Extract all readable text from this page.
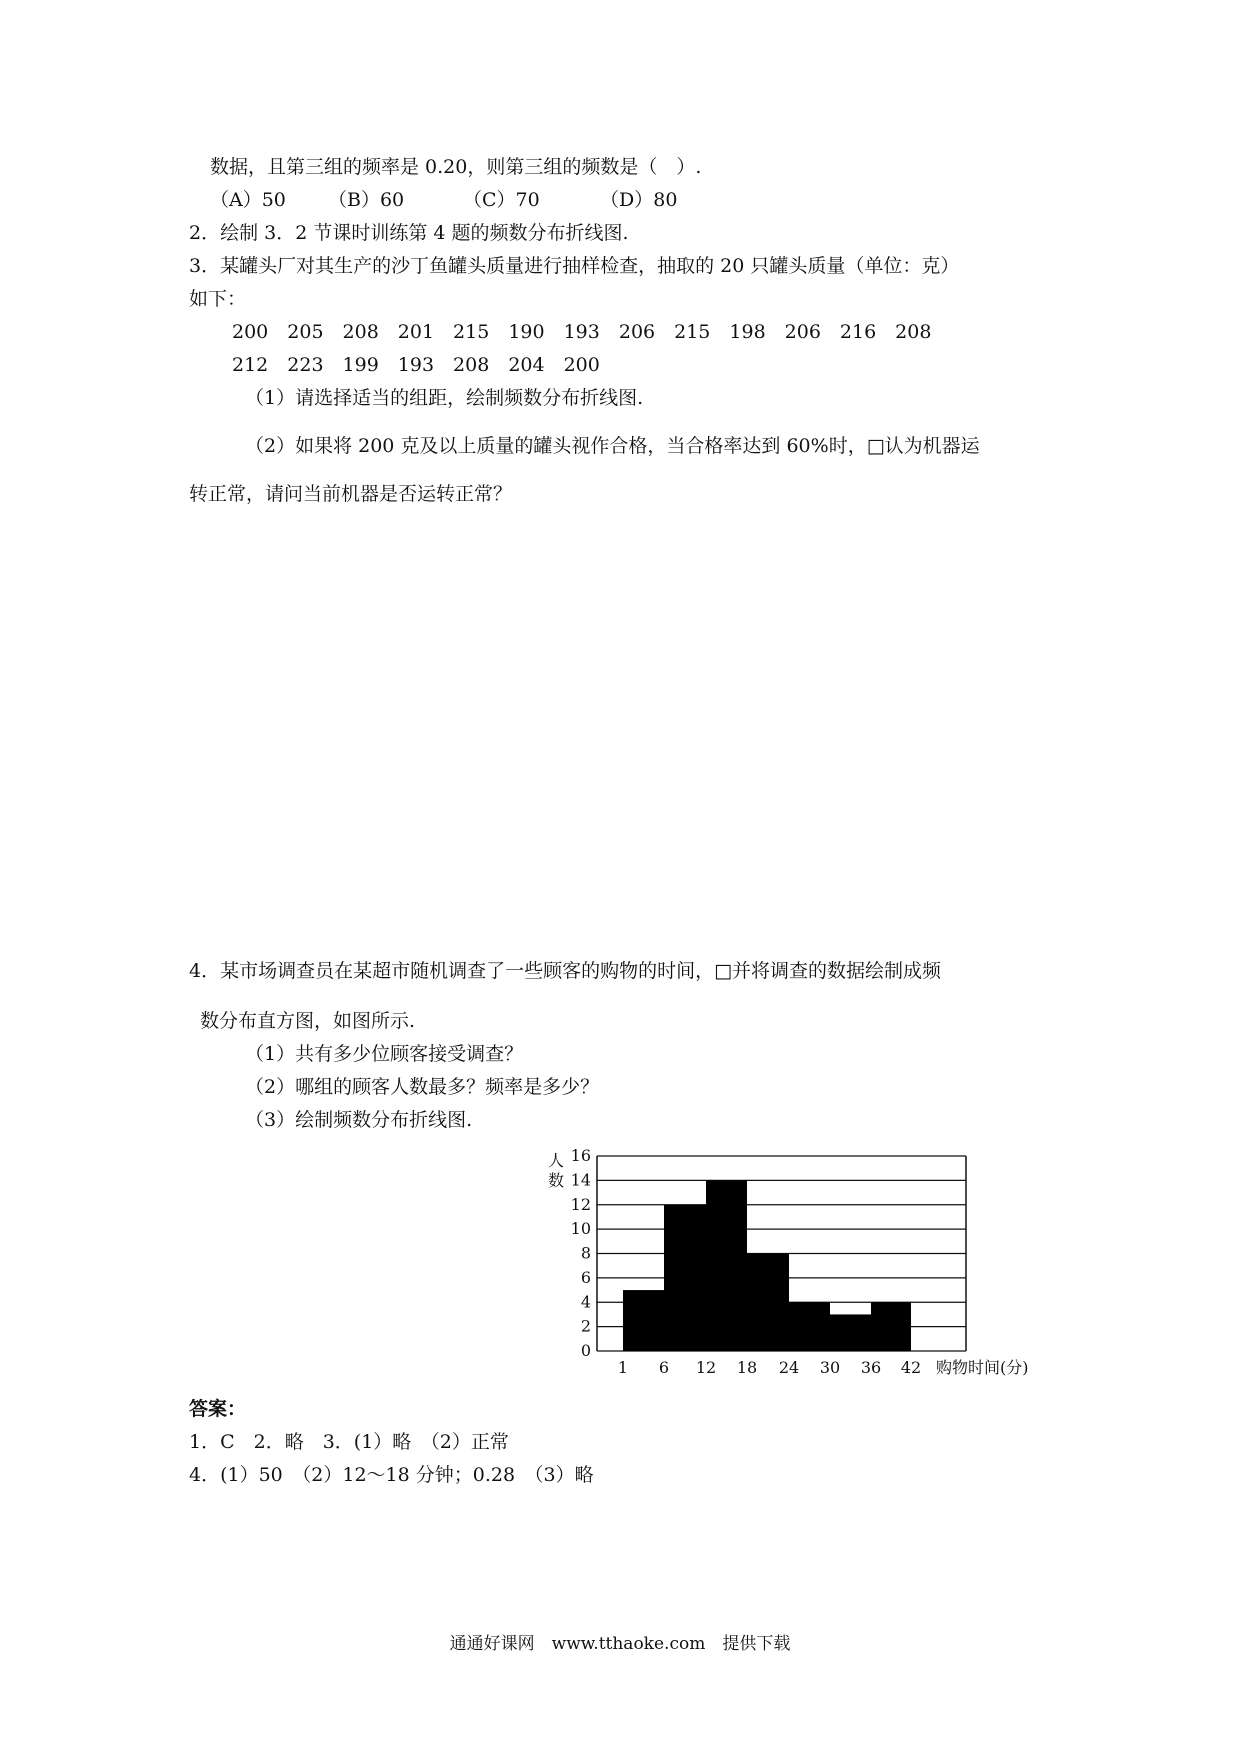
数据，且第三组的频率是 0.20，则第三组的频数是（　）.
（A）50 （B）60	（C）70	（D）80
2．绘制 3．2 节课时训练第 4 题的频数分布折线图.
3．某罐头厂对其生产的沙丁鱼罐头质量进行抽样检查，抽取的 20 只罐头质量（单位：克）
如下：
200　205　208　201　215　190　193　206　215　198　206　216　208
212　223　199　193　208　204　200
（1）请选择适当的组距，绘制频数分布折线图.
（2）如果将 200 克及以上质量的罐头视作合格，当合格率达到 60%时，□认为机器运
转正常，请问当前机器是否运转正常？
4．某市场调查员在某超市随机调查了一些顾客的购物的时间，□并将调查的数据绘制成频
数分布直方图，如图所示.
（1）共有多少位顾客接受调查？
（2）哪组的顾客人数最多？频率是多少？
（3）绘制频数分布折线图.
0
2
4
6
8
10
12
14
16
1 6 12 18 24 30 36 42
人
数
购物时间(分)
答案：
1．C　2．略　3．(1）略　（2）正常
4．(1）50　（2）12～18 分钟；0.28　（3）略
通通好课网　www.tthaoke.com　提供下载
